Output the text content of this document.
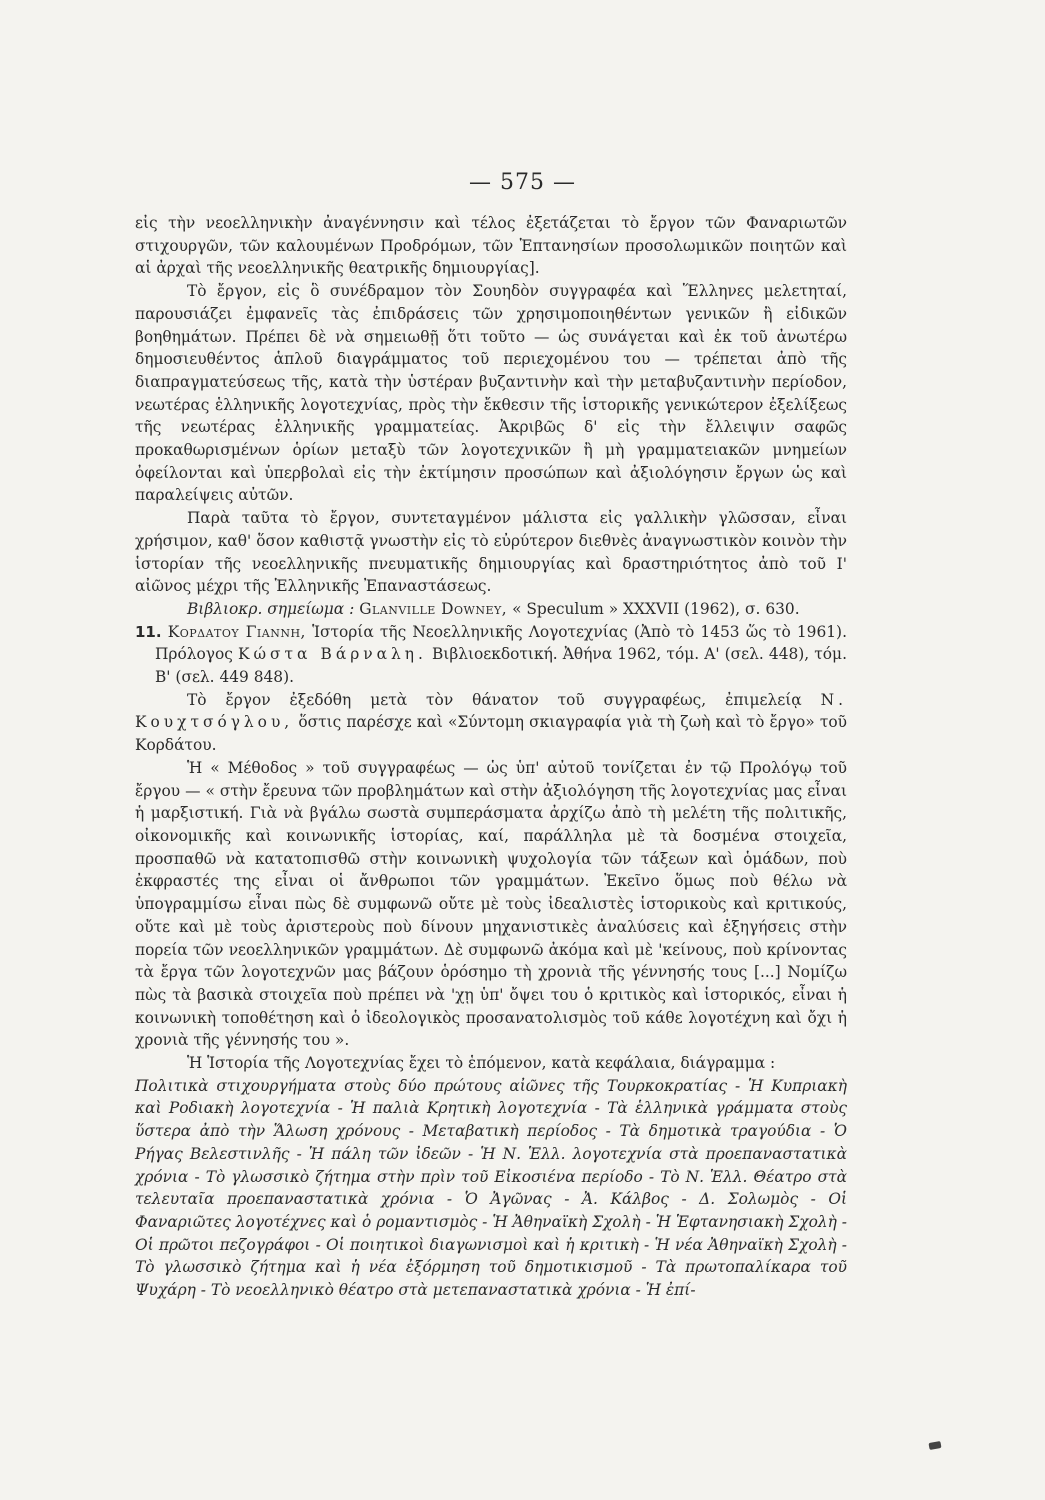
— 575 —

εἰς τὴν νεοελληνικὴν ἀναγέννησιν καὶ τέλος ἐξετάζεται τὸ ἔργον τῶν Φαναριωτῶν στιχουργῶν, τῶν καλουμένων Προδρόμων, τῶν Ἑπτανησίων προσολωμικῶν ποιητῶν καὶ αἱ ἀρχαὶ τῆς νεοελληνικῆς θεατρικῆς δημιουργίας].

Τὸ ἔργον, εἰς ὃ συνέδραμον τὸν Σουηδὸν συγγραφέα καὶ Ἕλληνες μελετηταί, παρουσιάζει ἐμφανεῖς τὰς ἐπιδράσεις τῶν χρησιμοποιηθέντων γενικῶν ἢ εἰδικῶν βοηθημάτων. Πρέπει δὲ νὰ σημειωθῇ ὅτι τοῦτο — ὡς συνάγεται καὶ ἐκ τοῦ ἀνωτέρω δημοσιευθέντος ἁπλοῦ διαγράμματος τοῦ περιεχομένου του — τρέπεται ἀπὸ τῆς διαπραγματεύσεως τῆς, κατὰ τὴν ὑστέραν βυζαντινὴν καὶ τὴν μεταβυζαντινὴν περίοδον, νεωτέρας ἑλληνικῆς λογοτεχνίας, πρὸς τὴν ἔκθεσιν τῆς ἱστορικῆς γενικώτερον ἐξελίξεως τῆς νεωτέρας ἑλληνικῆς γραμματείας. Ἀκριβῶς δ' εἰς τὴν ἔλλειψιν σαφῶς προκαθωρισμένων ὁρίων μεταξὺ τῶν λογοτεχνικῶν ἢ μὴ γραμματειακῶν μνημείων ὀφείλονται καὶ ὑπερβολαὶ εἰς τὴν ἐκτίμησιν προσώπων καὶ ἀξιολόγησιν ἔργων ὡς καὶ παραλείψεις αὐτῶν.

Παρὰ ταῦτα τὸ ἔργον, συντεταγμένον μάλιστα εἰς γαλλικὴν γλῶσσαν, εἶναι χρήσιμον, καθ' ὅσον καθιστᾷ γνωστὴν εἰς τὸ εὐρύτερον διεθνὲς ἀναγνωστικὸν κοινὸν τὴν ἱστορίαν τῆς νεοελληνικῆς πνευματικῆς δημιουργίας καὶ δραστηριότητος ἀπὸ τοῦ Ι' αἰῶνος μέχρι τῆς Ἑλληνικῆς Ἐπαναστάσεως.

Βιβλιοκρ. σημείωμα : Glanville Downey, « Speculum » XXXVII (1962), σ. 630.

11. Κορδατου Γιαννη, Ἱστορία τῆς Νεοελληνικῆς Λογοτεχνίας (Ἀπὸ τὸ 1453 ὥς τὸ 1961). Πρόλογος Κώστα Βάρναλη. Βιβλιοεκδοτική. Ἀθήνα 1962, τόμ. Α' (σελ. 448), τόμ. Β' (σελ. 449 848).

Τὸ ἔργον ἐξεδόθη μετὰ τὸν θάνατον τοῦ συγγραφέως, ἐπιμελείᾳ Ν. Κουχτσόγλου, ὅστις παρέσχε καὶ «Σύντομη σκιαγραφία γιὰ τὴ ζωὴ καὶ τὸ ἔργο» τοῦ Κορδάτου.

Ἡ « Μέθοδος » τοῦ συγγραφέως — ὡς ὑπ' αὐτοῦ τονίζεται ἐν τῷ Προλόγῳ τοῦ ἔργου — « στὴν ἔρευνα τῶν προβλημάτων καὶ στὴν ἀξιολόγηση τῆς λογοτεχνίας μας εἶναι ἡ μαρξιστική. Γιὰ νὰ βγάλω σωστὰ συμπεράσματα ἀρχίζω ἀπὸ τὴ μελέτη τῆς πολιτικῆς, οἰκονομικῆς καὶ κοινωνικῆς ἱστορίας, καί, παράλληλα μὲ τὰ δοσμένα στοιχεῖα, προσπαθῶ νὰ κατατοπισθῶ στὴν κοινωνικὴ ψυχολογία τῶν τάξεων καὶ ὁμάδων, ποὺ ἐκφραστές της εἶναι οἱ ἄνθρωποι τῶν γραμμάτων. Ἐκεῖνο ὅμως ποὺ θέλω νὰ ὑπογραμμίσω εἶναι πὼς δὲ συμφωνῶ οὔτε μὲ τοὺς ἰδεαλιστὲς ἱστορικοὺς καὶ κριτικούς, οὔτε καὶ μὲ τοὺς ἀριστεροὺς ποὺ δίνουν μηχανιστικὲς ἀναλύσεις καὶ ἐξηγήσεις στὴν πορεία τῶν νεοελληνικῶν γραμμάτων. Δὲ συμφωνῶ ἀκόμα καὶ μὲ 'κείνους, ποὺ κρίνοντας τὰ ἔργα τῶν λογοτεχνῶν μας βάζουν ὁρόσημο τὴ χρονιὰ τῆς γέννησής τους [...] Νομίζω πὼς τὰ βασικὰ στοιχεῖα ποὺ πρέπει νὰ 'χῃ ὑπ' ὄψει του ὁ κριτικὸς καὶ ἱστορικός, εἶναι ἡ κοινωνικὴ τοποθέτηση καὶ ὁ ἰδεολογικὸς προσανατολισμὸς τοῦ κάθε λογοτέχνη καὶ ὄχι ἡ χρονιὰ τῆς γέννησής του ».

Ἡ Ἱστορία τῆς Λογοτεχνίας ἔχει τὸ ἑπόμενον, κατὰ κεφάλαια, διάγραμμα :

Πολιτικὰ στιχουργήματα στοὺς δύο πρώτους αἰῶνες τῆς Τουρκοκρατίας - Ἡ Κυπριακὴ καὶ Ροδιακὴ λογοτεχνία - Ἡ παλιὰ Κρητικὴ λογοτεχνία - Τὰ ἑλληνικὰ γράμματα στοὺς ὕστερα ἀπὸ τὴν Ἅλωση χρόνους - Μεταβατικὴ περίοδος - Τὰ δημοτικὰ τραγούδια - Ὁ Ρήγας Βελεστινλῆς - Ἡ πάλη τῶν ἰδεῶν - Ἡ Ν. Ἑλλ. λογοτεχνία στὰ προεπαναστατικὰ χρόνια - Τὸ γλωσσικὸ ζήτημα στὴν πρὶν τοῦ Εἰκοσιένα περίοδο - Τὸ Ν. Ἑλλ. Θέατρο στὰ τελευταῖα προεπαναστατικὰ χρόνια - Ὁ Ἀγῶνας - Ἀ. Κάλβος - Δ. Σολωμὸς - Οἱ Φαναριῶτες λογοτέχνες καὶ ὁ ρομαντισμὸς - Ἡ Ἀθηναϊκὴ Σχολὴ - Ἡ Ἑφτανησιακὴ Σχολὴ - Οἱ πρῶτοι πεζογράφοι - Οἱ ποιητικοὶ διαγωνισμοὶ καὶ ἡ κριτικὴ - Ἡ νέα Ἀθηναϊκὴ Σχολὴ - Τὸ γλωσσικὸ ζήτημα καὶ ἡ νέα ἐξόρμηση τοῦ δημοτικισμοῦ - Τὰ πρωτοπαλίκαρα τοῦ Ψυχάρη - Τὸ νεοελληνικὸ θέατρο στὰ μετεπαναστατικὰ χρόνια - Ἡ ἐπί-
